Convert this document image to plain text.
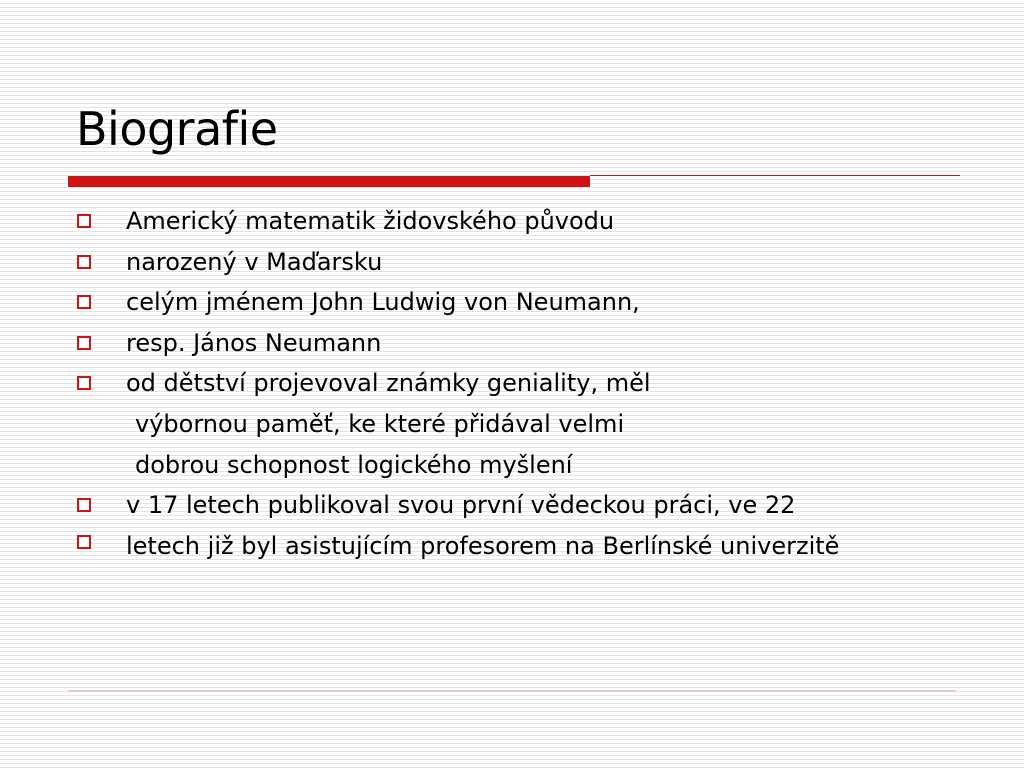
Biografie
Americký matematik židovského původu
narozený v Maďarsku
celým jménem John Ludwig von Neumann,
resp. János Neumann
od dětství projevoval známky geniality, měl
výbornou paměť, ke které přidával velmi
dobrou schopnost logického myšlení
v 17 letech publikoval svou první vědeckou práci, ve 22
letech již byl asistujícím profesorem na Berlínské univerzitě
